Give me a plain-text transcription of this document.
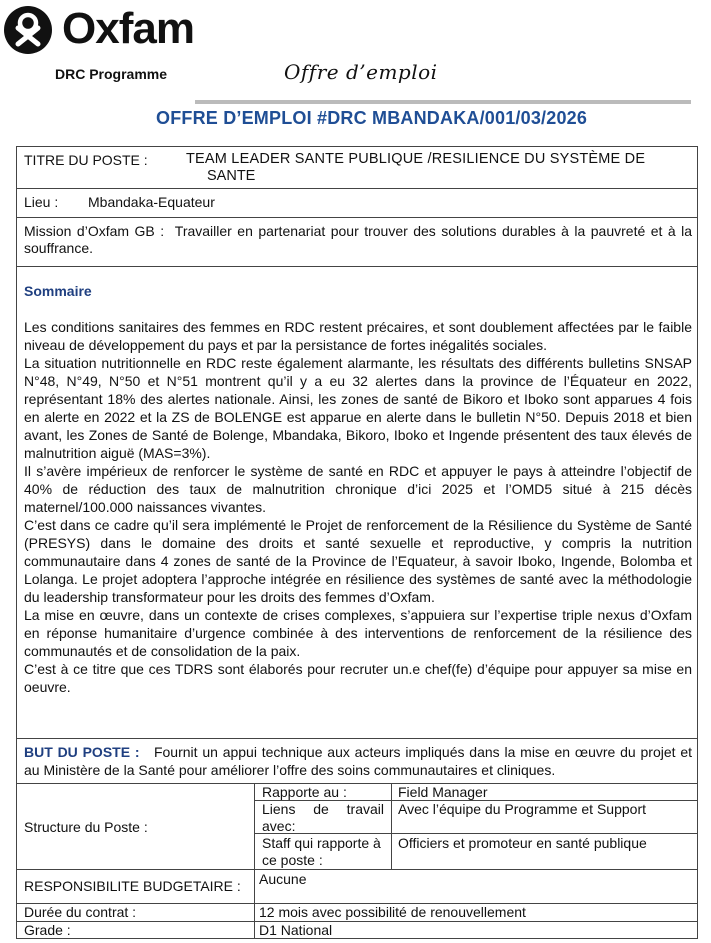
Oxfam
DRC Programme	Offre d’emploi
OFFRE D’EMPLOI #DRC MBANDAKA/001/03/2026
TITRE DU POSTE :	TEAM LEADER SANTE PUBLIQUE /RESILIENCE DU SYSTÈME DE
SANTE
Lieu : Mbandaka-Equateur
Mission d’Oxfam GB : Travailler en partenariat pour trouver des solutions durables à la pauvreté et à la souffrance.
Sommaire

Les conditions sanitaires des femmes en RDC restent précaires, et sont doublement affectées par le faible niveau de développement du pays et par la persistance de fortes inégalités sociales.

La situation nutritionnelle en RDC reste également alarmante, les résultats des différents bulletins SNSAP N°48, N°49, N°50 et N°51 montrent qu’il y a eu 32 alertes dans la province de l’Équateur en 2022, représentant 18% des alertes nationale. Ainsi, les zones de santé de Bikoro et Iboko sont apparues 4 fois en alerte en 2022 et la ZS de BOLENGE est apparue en alerte dans le bulletin N°50. Depuis 2018 et bien avant, les Zones de Santé de Bolenge, Mbandaka, Bikoro, Iboko et Ingende présentent des taux élevés de malnutrition aiguë (MAS=3%).

Il s’avère impérieux de renforcer le système de santé en RDC et appuyer le pays à atteindre l’objectif de 40% de réduction des taux de malnutrition chronique d’ici 2025 et l’OMD5 situé à 215 décès maternel/100.000 naissances vivantes.

C’est dans ce cadre qu’il sera implémenté le Projet de renforcement de la Résilience du Système de Santé (PRESYS) dans le domaine des droits et santé sexuelle et reproductive, y compris la nutrition communautaire dans 4 zones de santé de la Province de l’Equateur, à savoir Iboko, Ingende, Bolomba et Lolanga. Le projet adoptera l’approche intégrée en résilience des systèmes de santé avec la méthodologie du leadership transformateur pour les droits des femmes d’Oxfam.

La mise en œuvre, dans un contexte de crises complexes, s’appuiera sur l’expertise triple nexus d’Oxfam en réponse humanitaire d’urgence combinée à des interventions de renforcement de la résilience des communautés et de consolidation de la paix.

C’est à ce titre que ces TDRS sont élaborés pour recruter un.e chef(fe) d’équipe pour appuyer sa mise en oeuvre.

BUT DU POSTE : Fournit un appui technique aux acteurs impliqués dans la mise en œuvre du projet et au Ministère de la Santé pour améliorer l’offre des soins communautaires et cliniques.
Structure du Poste :
Rapporte au :	Field Manager
Liens de travail avec:
Avec l’équipe du Programme et Support
Staff qui rapporte à ce poste :
Officiers et promoteur en santé publique
RESPONSIBILITE BUDGETAIRE : Aucune
Durée du contrat :	12 mois avec possibilité de renouvellement
Grade :	D1 National
